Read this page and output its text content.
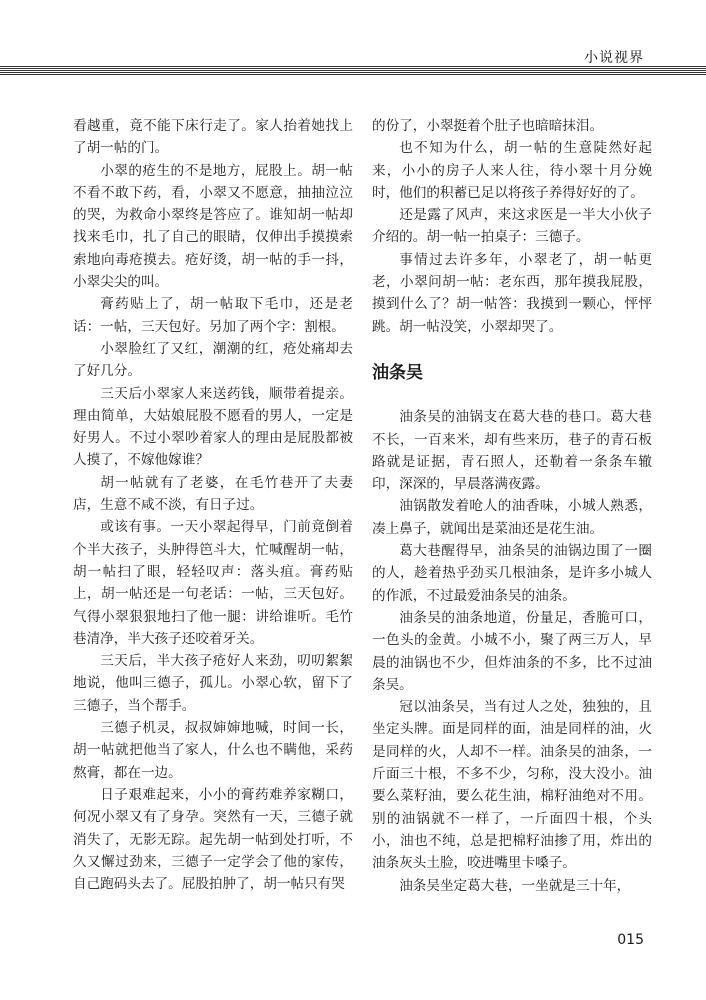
小说视界

看越重，竟不能下床行走了。家人抬着她找上了胡一帖的门。

小翠的疮生的不是地方，屁股上。胡一帖不看不敢下药，看，小翠又不愿意，抽抽泣泣的哭，为救命小翠终是答应了。谁知胡一帖却找来毛巾，扎了自己的眼睛，仅伸出手摸摸索索地向毒疮摸去。疮好烫，胡一帖的手一抖，小翠尖尖的叫。

膏药贴上了，胡一帖取下毛巾，还是老话：一帖，三天包好。另加了两个字：割根。

小翠脸红了又红，潮潮的红，疮处痛却去了好几分。

三天后小翠家人来送药钱，顺带着提亲。理由简单，大姑娘屁股不愿看的男人，一定是好男人。不过小翠吵着家人的理由是屁股都被人摸了，不嫁他嫁谁？

胡一帖就有了老婆，在毛竹巷开了夫妻店，生意不咸不淡，有日子过。

或该有事。一天小翠起得早，门前竟倒着个半大孩子，头肿得笆斗大，忙喊醒胡一帖，胡一帖扫了眼，轻轻叹声：落头疽。膏药贴上，胡一帖还是一句老话：一帖，三天包好。气得小翠狠狠地扫了他一腿：讲给谁听。毛竹巷清净，半大孩子还咬着牙关。

三天后，半大孩子疮好人来劲，叨叨絮絮地说，他叫三德子，孤儿。小翠心软，留下了三德子，当个帮手。

三德子机灵，叔叔婶婶地喊，时间一长，胡一帖就把他当了家人，什么也不瞒他，采药熬膏，都在一边。

日子艰难起来，小小的膏药难养家糊口，何况小翠又有了身孕。突然有一天，三德子就消失了，无影无踪。起先胡一帖到处打听，不久又懈过劲来，三德子一定学会了他的家传，自己跑码头去了。屁股拍肿了，胡一帖只有哭

的份了，小翠挺着个肚子也暗暗抹泪。

也不知为什么，胡一帖的生意陡然好起来，小小的房子人来人往，待小翠十月分娩时，他们的积蓄已足以将孩子养得好好的了。

还是露了风声，来这求医是一半大小伙子介绍的。胡一帖一拍桌子：三德子。

事情过去许多年，小翠老了，胡一帖更老，小翠问胡一帖：老东西，那年摸我屁股，摸到什么了？胡一帖答：我摸到一颗心，怦怦跳。胡一帖没笑，小翠却哭了。

油条吴

油条吴的油锅支在葛大巷的巷口。葛大巷不长，一百来米，却有些来历，巷子的青石板路就是证据，青石照人，还勒着一条条车辙印，深深的，早晨落满夜露。

油锅散发着呛人的油香味，小城人熟悉，凑上鼻子，就闻出是菜油还是花生油。

葛大巷醒得早，油条吴的油锅边围了一圈的人，趁着热乎劲买几根油条，是许多小城人的作派，不过最爱油条吴的油条。

油条吴的油条地道，份量足，香脆可口，一色头的金黄。小城不小，聚了两三万人，早晨的油锅也不少，但炸油条的不多，比不过油条吴。

冠以油条吴，当有过人之处，独独的，且坐定头牌。面是同样的面，油是同样的油，火是同样的火，人却不一样。油条吴的油条，一斤面三十根，不多不少，匀称，没大没小。油要么菜籽油，要么花生油，棉籽油绝对不用。别的油锅就不一样了，一斤面四十根，个头小，油也不纯，总是把棉籽油掺了用，炸出的油条灰头土脸，咬进嘴里卡嗓子。

油条吴坐定葛大巷，一坐就是三十年，

015
